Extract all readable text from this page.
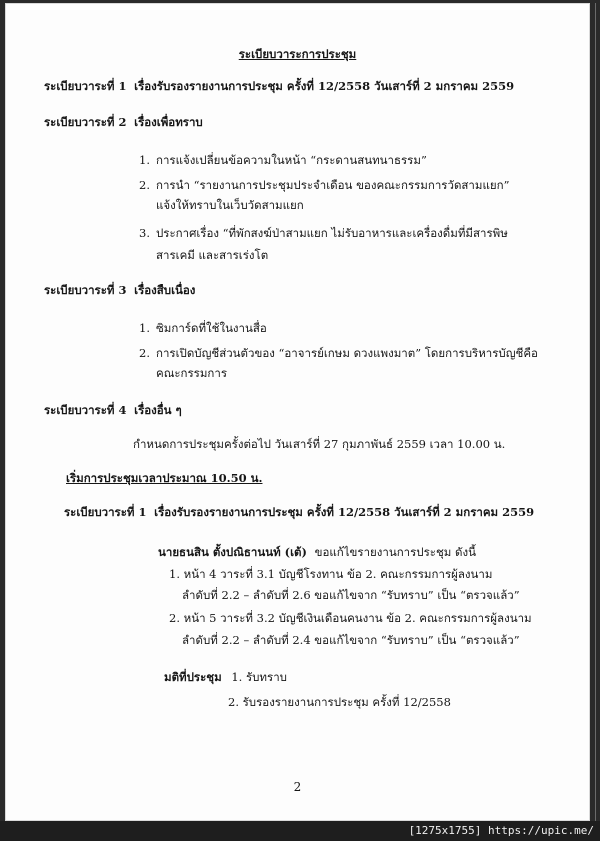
ระเบียบวาระการประชุม
ระเบียบวาระที่ 1 เรื่องรับรองรายงานการประชุม ครั้งที่ 12/2558 วันเสาร์ที่ 2 มกราคม 2559
ระเบียบวาระที่ 2 เรื่องเพื่อทราบ
1. การแจ้งเปลี่ยนข้อความในหน้า “กระดานสนทนาธรรม”
2. การนำ “รายงานการประชุมประจำเดือน ของคณะกรรมการวัดสามแยก”
แจ้งให้ทราบในเว็บวัดสามแยก
3. ประกาศเรื่อง “ที่พักสงฆ์ป่าสามแยก ไม่รับอาหารและเครื่องดื่มที่มีสารพิษ
สารเคมี และสารเร่งโต
ระเบียบวาระที่ 3 เรื่องสืบเนื่อง
1. ซิมการ์ดที่ใช้ในงานสื่อ
2. การเปิดบัญชีส่วนตัวของ “อาจารย์เกษม ดวงแพงมาต” โดยการบริหารบัญชีคือ
คณะกรรมการ
ระเบียบวาระที่ 4 เรื่องอื่น ๆ
กำหนดการประชุมครั้งต่อไป วันเสาร์ที่ 27 กุมภาพันธ์ 2559 เวลา 10.00 น.
เริ่มการประชุมเวลาประมาณ 10.50 น.
ระเบียบวาระที่ 1 เรื่องรับรองรายงานการประชุม ครั้งที่ 12/2558 วันเสาร์ที่ 2 มกราคม 2559
นายธนสิน ตั้งปณิธานนท์ (เต้) ขอแก้ไขรายงานการประชุม ดังนี้
1. หน้า 4 วาระที่ 3.1 บัญชีโรงทาน ข้อ 2. คณะกรรมการผู้ลงนาม
ลำดับที่ 2.2 – ลำดับที่ 2.6 ขอแก้ไขจาก “รับทราบ” เป็น “ตรวจแล้ว”
2. หน้า 5 วาระที่ 3.2 บัญชีเงินเดือนคนงาน ข้อ 2. คณะกรรมการผู้ลงนาม
ลำดับที่ 2.2 – ลำดับที่ 2.4 ขอแก้ไขจาก “รับทราบ” เป็น “ตรวจแล้ว”
มติที่ประชุม 1. รับทราบ
2. รับรองรายงานการประชุม ครั้งที่ 12/2558
2
[1275x1755] https://upic.me/
